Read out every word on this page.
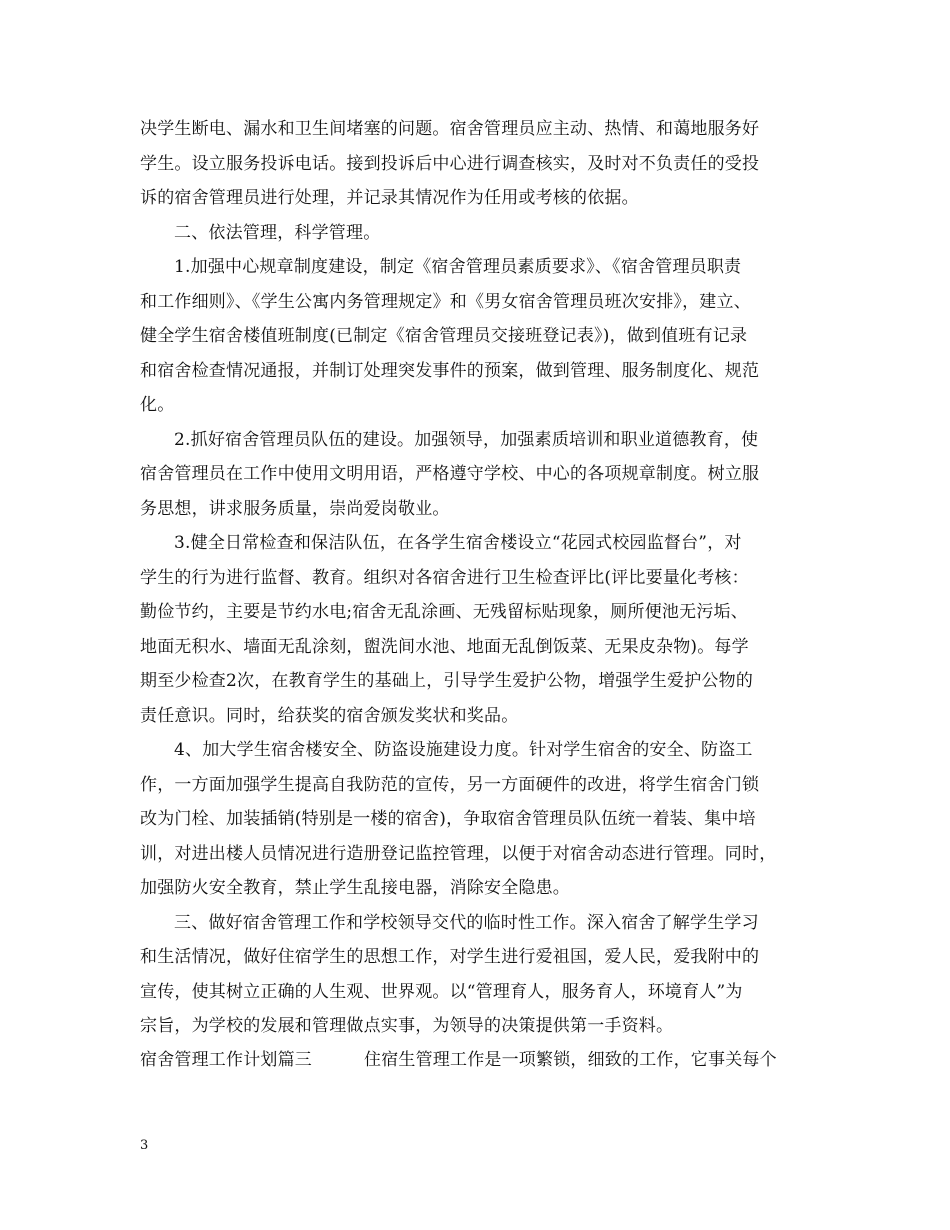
决学生断电、漏水和卫生间堵塞的问题。宿舍管理员应主动、热情、和蔼地服务好
学生。设立服务投诉电话。接到投诉后中心进行调查核实，及时对不负责任的受投
诉的宿舍管理员进行处理，并记录其情况作为任用或考核的依据。
二、依法管理，科学管理。
1.加强中心规章制度建设，制定《宿舍管理员素质要求》、《宿舍管理员职责
和工作细则》、《学生公寓内务管理规定》和《男女宿舍管理员班次安排》，建立、
健全学生宿舍楼值班制度(已制定《宿舍管理员交接班登记表》)，做到值班有记录
和宿舍检查情况通报，并制订处理突发事件的预案，做到管理、服务制度化、规范
化。
2.抓好宿舍管理员队伍的建设。加强领导，加强素质培训和职业道德教育，使
宿舍管理员在工作中使用文明用语，严格遵守学校、中心的各项规章制度。树立服
务思想，讲求服务质量，崇尚爱岗敬业。
3.健全日常检查和保洁队伍，在各学生宿舍楼设立“花园式校园监督台”，对
学生的行为进行监督、教育。组织对各宿舍进行卫生检查评比(评比要量化考核：
勤俭节约，主要是节约水电;宿舍无乱涂画、无残留标贴现象，厕所便池无污垢、
地面无积水、墙面无乱涂刻，盥洗间水池、地面无乱倒饭菜、无果皮杂物)。每学
期至少检查2次，在教育学生的基础上，引导学生爱护公物，增强学生爱护公物的
责任意识。同时，给获奖的宿舍颁发奖状和奖品。
4、加大学生宿舍楼安全、防盗设施建设力度。针对学生宿舍的安全、防盗工
作，一方面加强学生提高自我防范的宣传，另一方面硬件的改进，将学生宿舍门锁
改为门栓、加装插销(特别是一楼的宿舍)，争取宿舍管理员队伍统一着装、集中培
训，对进出楼人员情况进行造册登记监控管理，以便于对宿舍动态进行管理。同时，
加强防火安全教育，禁止学生乱接电器，消除安全隐患。
三、做好宿舍管理工作和学校领导交代的临时性工作。深入宿舍了解学生学习
和生活情况，做好住宿学生的思想工作，对学生进行爱祖国，爱人民，爱我附中的
宣传，使其树立正确的人生观、世界观。以“管理育人，服务育人，环境育人”为
宗旨，为学校的发展和管理做点实事，为领导的决策提供第一手资料。
宿舍管理工作计划篇三	住宿生管理工作是一项繁锁，细致的工作，它事关每个
3
